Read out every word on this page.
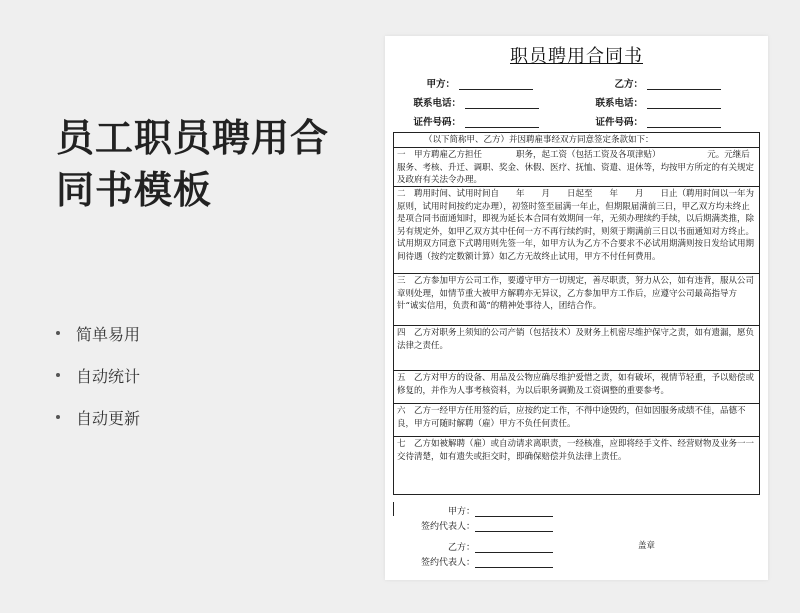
员工职员聘用合
同书模板
简单易用
自动统计
自动更新
职员聘用合同书
甲方：	乙方：
联系电话：	联系电话：
证件号码：	证件号码：
（以下简称甲、乙方）并因聘雇事经双方同意签定条款如下：
一　甲方聘雇乙方担任　　　　职务，起工资（包括工资及各项津贴）　　　　　　元。元继后服务、考核、升迁、调职、奖金、休假、医疗、抚恤、资遣、退休等，均按甲方所定的有关规定及政府有关法令办理。
二　聘用时间、试用时间自　　年　　月　　日起至　　年　　月　　日止（聘用时间以一年为原则，试用时间按约定办理），初签时签至届满一年止，但期限届满前三日，甲乙双方均未终止是项合同书面通知时，即视为延长本合同有效期间一年，无须办理续约手续，以后期满类推，除另有规定外，如甲乙双方其中任何一方不再行续约时，则须于期满前三日以书面通知对方终止。试用期双方同意下式聘用则先签一年，如甲方认为乙方不合要求不必试用期满则按日发给试用期间待遇（按约定数额计算）如乙方无故终止试用，甲方不付任何费用。
三　乙方参加甲方公司工作，要遵守甲方一切规定，善尽职责，努力从公，如有违背，服从公司章则处理，如情节重大被甲方解聘亦无异议，乙方参加甲方工作后，应遵守公司最高指导方针“诚实信用，负责和蔼”的精神处事待人，团结合作。
四　乙方对职务上须知的公司产销（包括技术）及财务上机密尽维护保守之责，如有遗漏，愿负法律之责任。
五　乙方对甲方的设备、用品及公物应确尽维护爱惜之责，如有破坏，视情节轻重，予以赔偿或修复的，并作为人事考核资料，为以后职务调勤及工资调整的重要参考。
六　乙方一经甲方任用签约后，应按约定工作，不得中途毁约，但如因服务成绩不佳，品德不良，甲方可随时解聘（雇）甲方不负任何责任。
七　乙方如被解聘（雇）或自动请求离职责，一经核准，应即将经手文件、经营财物及业务一一交待清楚，如有遗失或拒交时，即确保赔偿并负法律上责任。
甲方：
签约代表人：
乙方：
签约代表人：
盖章
